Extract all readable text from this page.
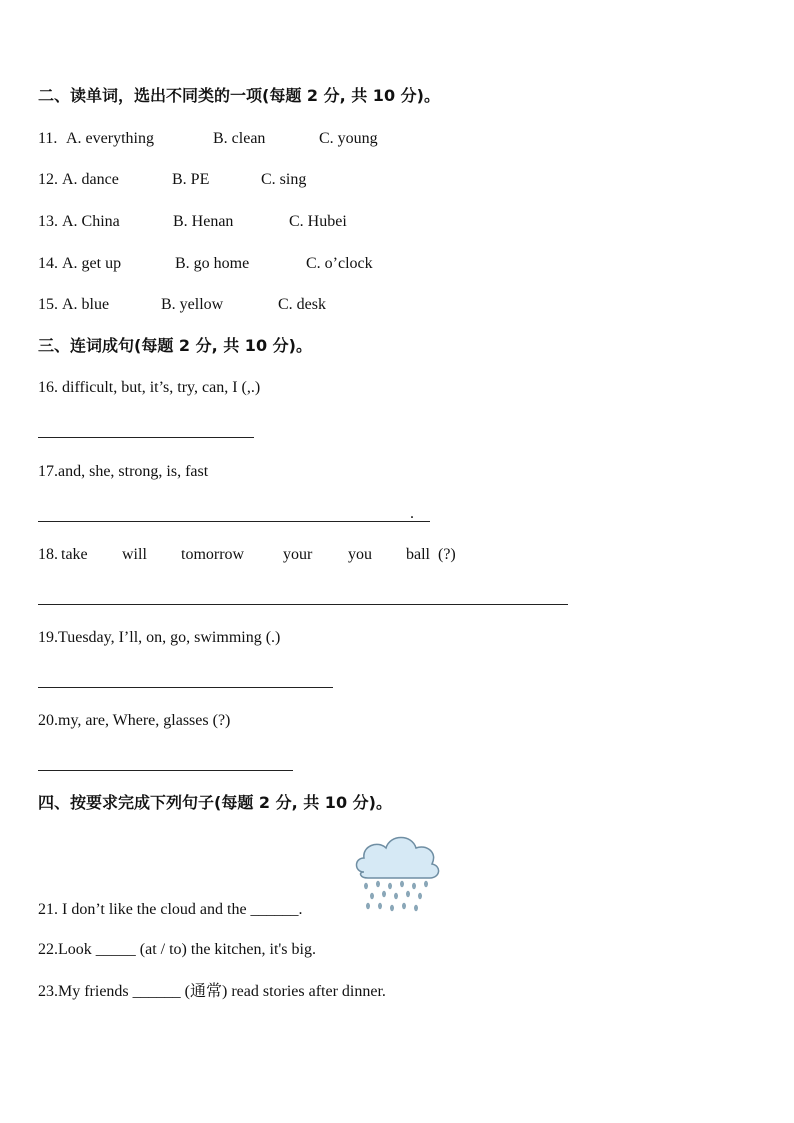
二、读单词，选出不同类的一项(每题 2 分, 共 10 分)。
11. A. everything	B. clean	C. young
12. A. dance	B. PE	C. sing
13. A. China	B. Henan	C. Hubei
14. A. get up	B. go home	C. o’clock
15. A. blue	B. yellow	C. desk
三、连词成句(每题 2 分, 共 10 分)。
16. difficult, but, it’s, try, can, I (,.)
17.and, she, strong, is, fast
.
18. take will tomorrow your you ball (?)
19.Tuesday, I’ll, on, go, swimming (.)
20.my, are, Where, glasses (?)
四、按要求完成下列句子(每题 2 分, 共 10 分)。
21. I don’t like the cloud and the ______.
22.Look _____ (at / to) the kitchen, it's big.
23.My friends ______ (通常) read stories after dinner.
